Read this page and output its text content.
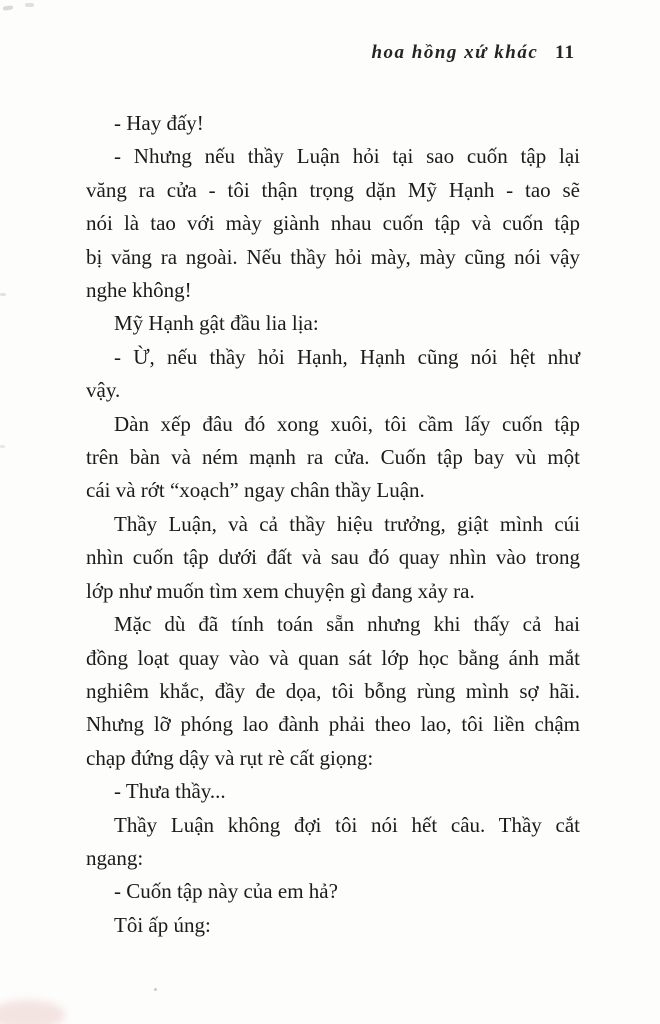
hoa hồng xứ khác 11
- Hay đấy!
- Nhưng nếu thầy Luận hỏi tại sao cuốn tập lại
văng ra cửa - tôi thận trọng dặn Mỹ Hạnh - tao sẽ
nói là tao với mày giành nhau cuốn tập và cuốn tập
bị văng ra ngoài. Nếu thầy hỏi mày, mày cũng nói vậy
nghe không!
Mỹ Hạnh gật đầu lia lịa:
- Ừ, nếu thầy hỏi Hạnh, Hạnh cũng nói hệt như
vậy.
Dàn xếp đâu đó xong xuôi, tôi cầm lấy cuốn tập
trên bàn và ném mạnh ra cửa. Cuốn tập bay vù một
cái và rớt “xoạch” ngay chân thầy Luận.
Thầy Luận, và cả thầy hiệu trưởng, giật mình cúi
nhìn cuốn tập dưới đất và sau đó quay nhìn vào trong
lớp như muốn tìm xem chuyện gì đang xảy ra.
Mặc dù đã tính toán sẵn nhưng khi thấy cả hai
đồng loạt quay vào và quan sát lớp học bằng ánh mắt
nghiêm khắc, đầy đe dọa, tôi bỗng rùng mình sợ hãi.
Nhưng lỡ phóng lao đành phải theo lao, tôi liền chậm
chạp đứng dậy và rụt rè cất giọng:
- Thưa thầy...
Thầy Luận không đợi tôi nói hết câu. Thầy cắt
ngang:
- Cuốn tập này của em hả?
Tôi ấp úng:
